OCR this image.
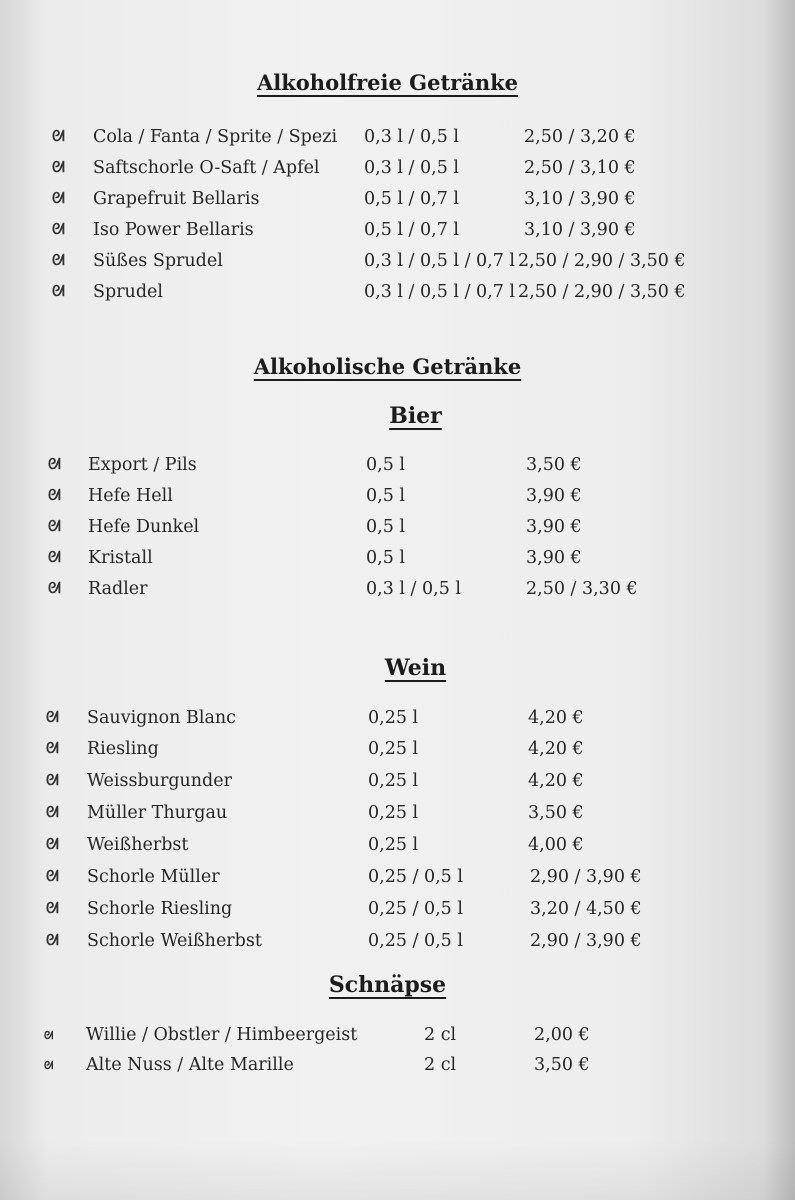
Alkoholfreie Getränke
ᘛ Cola / Fanta / Sprite / Spezi 0,3 l / 0,5 l	2,50 / 3,20 €
ᘛ Saftschorle O-Saft / Apfel	0,3 l / 0,5 l	2,50 / 3,10 €
ᘛ Grapefruit Bellaris	0,5 l / 0,7 l	3,10 / 3,90 €
ᘛ Iso Power Bellaris	0,5 l / 0,7 l	3,10 / 3,90 €
ᘛ Süßes Sprudel	0,3 l / 0,5 l / 0,7 l 2,50 / 2,90 / 3,50 €
ᘛ Sprudel	0,3 l / 0,5 l / 0,7 l 2,50 / 2,90 / 3,50 €
Alkoholische Getränke
Bier
ᘛ Export / Pils	0,5 l	3,50 €
ᘛ Hefe Hell	0,5 l	3,90 €
ᘛ Hefe Dunkel	0,5 l	3,90 €
ᘛ Kristall	0,5 l	3,90 €
ᘛ Radler	0,3 l / 0,5 l	2,50 / 3,30 €
Wein
ᘛ Sauvignon Blanc	0,25 l	4,20 €
ᘛ Riesling	0,25 l	4,20 €
ᘛ Weissburgunder	0,25 l	4,20 €
ᘛ Müller Thurgau	0,25 l	3,50 €
ᘛ Weißherbst	0,25 l	4,00 €
ᘛ Schorle Müller	0,25 / 0,5 l	2,90 / 3,90 €
ᘛ Schorle Riesling	0,25 / 0,5 l	3,20 / 4,50 €
ᘛ Schorle Weißherbst	0,25 / 0,5 l	2,90 / 3,90 €
Schnäpse
ᘛ Willie / Obstler / Himbeergeist	2 cl	2,00 €
ᘛ Alte Nuss / Alte Marille	2 cl	3,50 €
